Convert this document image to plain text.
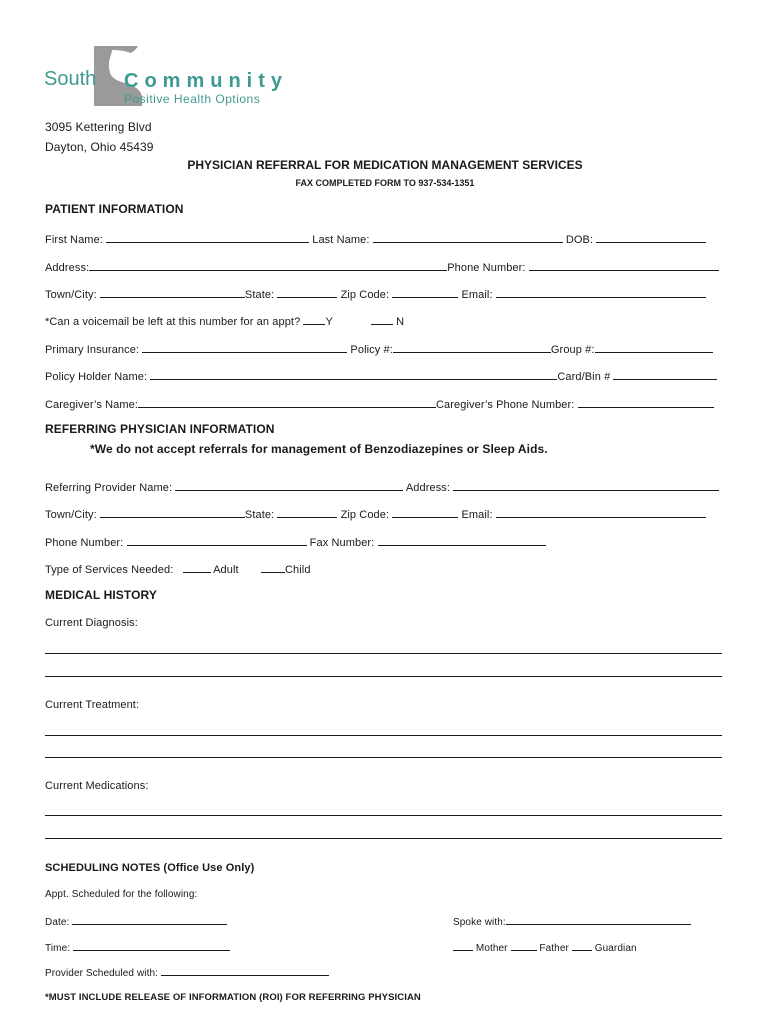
South Community
Positive Health Options
3095 Kettering Blvd
Dayton, Ohio 45439
PHYSICIAN REFERRAL FOR MEDICATION MANAGEMENT SERVICES
FAX COMPLETED FORM TO 937-534-1351
PATIENT INFORMATION
First Name:	Last Name:	DOB:
Address:	Phone Number:
Town/City:	State:	Zip Code:	Email:
*Can a voicemail be left at this number for an appt? Y	N
Primary Insurance:	Policy #:	Group #:
Policy Holder Name:	Card/Bin #
Caregiver’s Name:	Caregiver’s Phone Number:
REFERRING PHYSICIAN INFORMATION
*We do not accept referrals for management of Benzodiazepines or Sleep Aids.
Referring Provider Name:	Address:
Town/City:	State:	Zip Code:	Email:
Phone Number:	Fax Number:
Type of Services Needed:	Adult	Child
MEDICAL HISTORY
Current Diagnosis:
Current Treatment:
Current Medications:
SCHEDULING NOTES (Office Use Only)
Appt. Scheduled for the following:
Date:	Spoke with:
Time:	Mother	Father	Guardian
Provider Scheduled with:
*MUST INCLUDE RELEASE OF INFORMATION (ROI) FOR REFERRING PHYSICIAN
